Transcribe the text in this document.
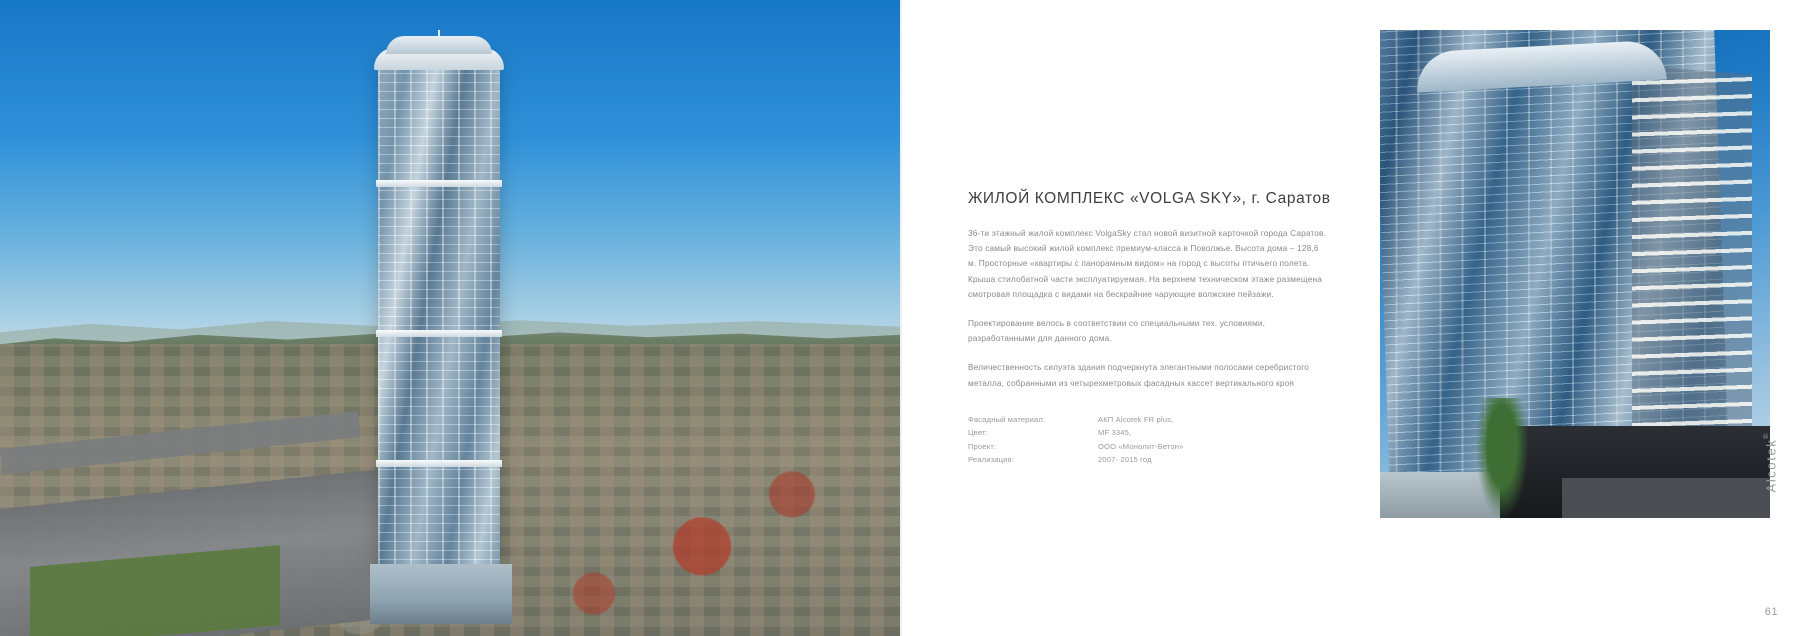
ЖИЛОЙ КОМПЛЕКС «VOLGA SKY», г. Саратов

36-ти этажный жилой комплекс VolgaSky стал новой визитной карточкой города Саратов. Это самый высокий жилой комплекс премиум-класса в Поволжье. Высота дома – 128,6 м. Просторные «квартиры с панорамным видом» на город с высоты птичьего полета. Крыша стилобатной части эксплуатируемая. На верхнем техническом этаже размещена смотровая площадка с видами на бескрайние чарующие волжские пейзажи.

Проектирование велось в соответствии со специальными тех. условиями, разработанными для данного дома.

Величественность силуэта здания подчеркнута элегантными полосами серебристого металла, собранными из четырехметровых фасадных кассет вертикального кроя

Фасадный материал:	АКП Alcotek FR plus,
Цвет:	МF 3345,
Проект:	ООО «Монолит-Бетон»
Реализация:	2007- 2015 год	Alcotek®
61
